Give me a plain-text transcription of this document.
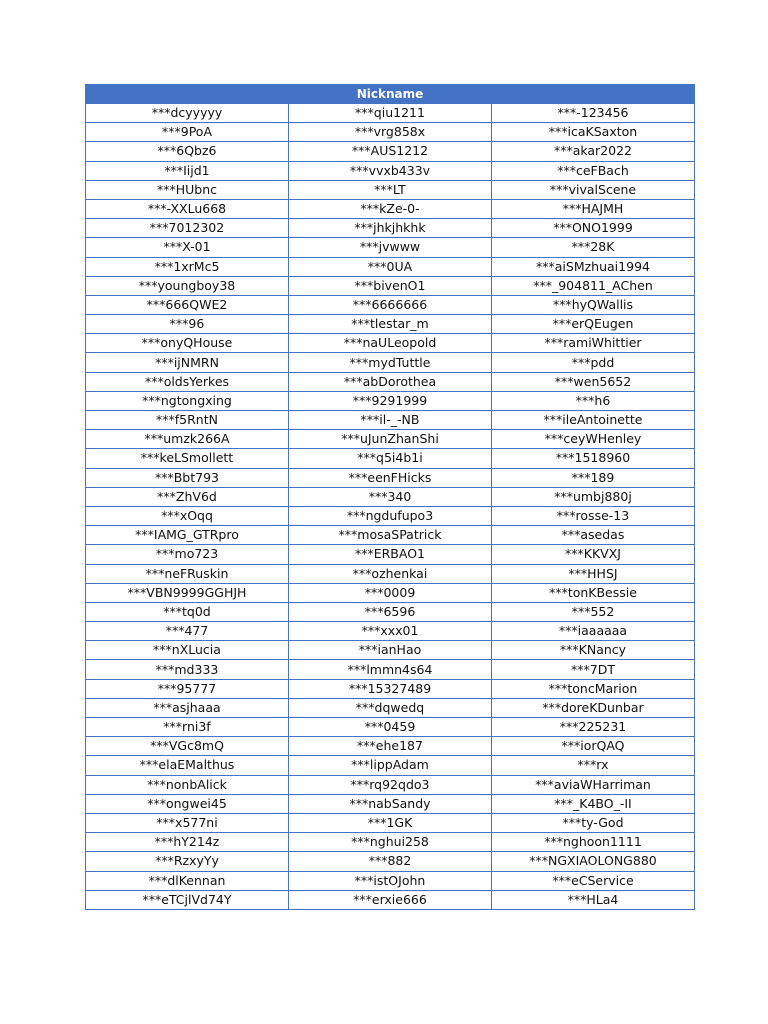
Nickname		
***dcyyyyy	***qiu1211	***-123456
***9PoA	***vrg858x	***icaKSaxton
***6Qbz6	***AUS1212	***akar2022
***Iijd1	***vvxb433v	***ceFBach
***HUbnc	***LT	***vivalScene
***-XXLu668	***kZe-0-	***HAJMH
***7012302	***jhkjhkhk	***ONO1999
***X-01	***jvwww	***28K
***1xrMc5	***0UA	***aiSMzhuai1994
***youngboy38	***bivenO1	***_904811_AChen
***666QWE2	***6666666	***hyQWallis
***96	***tlestar_m	***erQEugen
***onyQHouse	***naULeopold	***ramiWhittier
***ijNMRN	***mydTuttle	***pdd
***oldsYerkes	***abDorothea	***wen5652
***ngtongxing	***9291999	***h6
***f5RntN	***il-_-NB	***ileAntoinette
***umzk266A	***uJunZhanShi	***ceyWHenley
***keLSmollett	***q5i4b1i	***1518960
***Bbt793	***eenFHicks	***189
***ZhV6d	***340	***umbj880j
***xOqq	***ngdufupo3	***rosse-13
***IAMG_GTRpro	***mosaSPatrick	***asedas
***mo723	***ERBAO1	***KKVXJ
***neFRuskin	***ozhenkai	***HHSJ
***VBN9999GGHJH	***0009	***tonKBessie
***tq0d	***6596	***552
***477	***xxx01	***iaaaaaa
***nXLucia	***ianHao	***KNancy
***md333	***lmmn4s64	***7DT
***95777	***15327489	***toncMarion
***asjhaaa	***dqwedq	***doreKDunbar
***rni3f	***0459	***225231
***VGc8mQ	***ehe187	***iorQAQ
***elaEMalthus	***lippAdam	***rx
***nonbAlick	***rq92qdo3	***aviaWHarriman
***ongwei45	***nabSandy	***_K4BO_-II
***x577ni	***1GK	***ty-God
***hY214z	***nghui258	***nghoon1111
***RzxyYy	***882	***NGXIAOLONG880
***dlKennan	***istOJohn	***eCService
***eTCjlVd74Y	***erxie666	***HLa4
